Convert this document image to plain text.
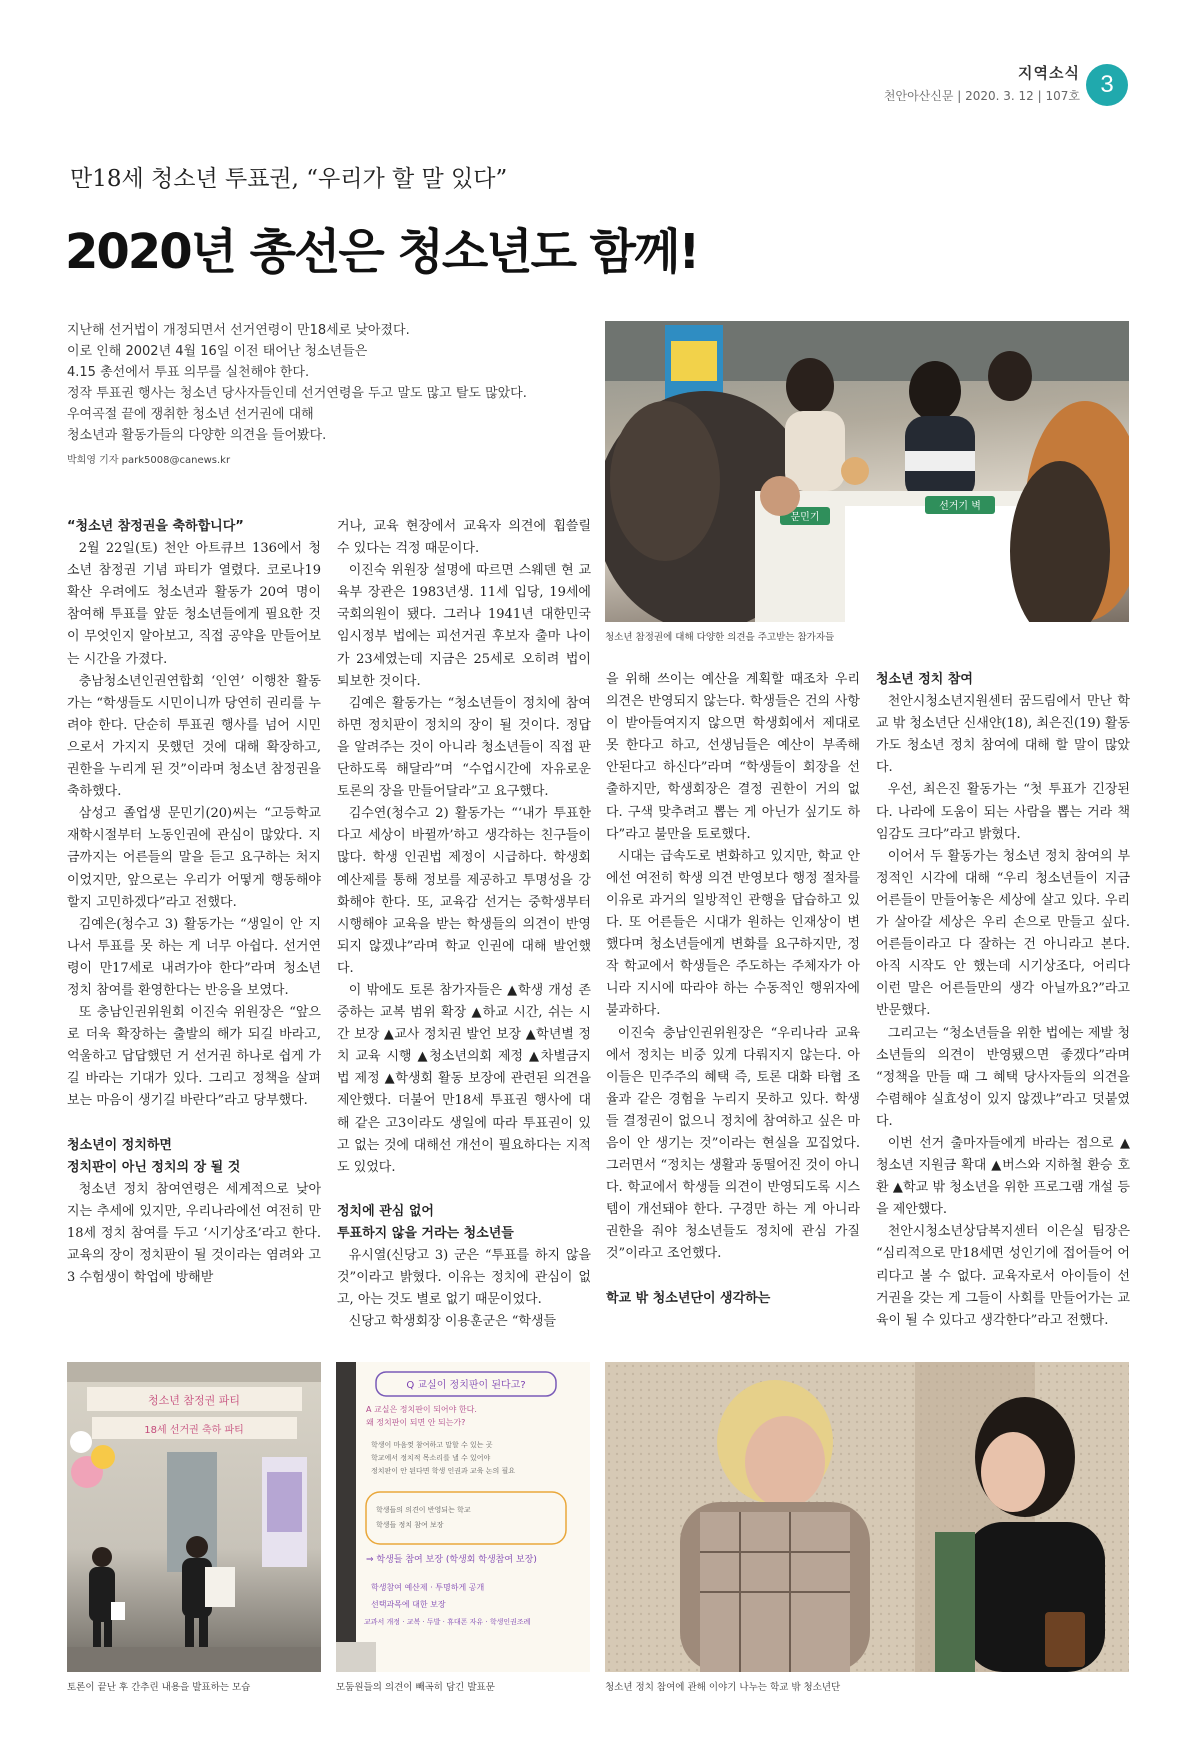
지역소식
천안아산신문 | 2020. 3. 12 | 107호 3
만18세 청소년 투표권, “우리가 할 말 있다”
2020년 총선은 청소년도 함께!

지난해 선거법이 개정되면서 선거연령이 만18세로 낮아졌다.

이로 인해 2002년 4월 16일 이전 태어난 청소년들은

4.15 총선에서 투표 의무를 실천해야 한다.

정작 투표권 행사는 청소년 당사자들인데 선거연령을 두고 말도 많고 탈도 많았다.

우여곡절 끝에 쟁취한 청소년 선거권에 대해

청소년과 활동가들의 다양한 의견을 들어봤다.

박희영 기자 park5008@canews.kr
문민기
선거기 벽
청소년 참정권에 대해 다양한 의견을 주고받는 참가자들

“청소년 참정권을 축하합니다”

2월 22일(토) 천안 아트큐브 136에서 청소년 참정권 기념 파티가 열렸다. 코로나19 확산 우려에도 청소년과 활동가 20여 명이 참여해 투표를 앞둔 청소년들에게 필요한 것이 무엇인지 알아보고, 직접 공약을 만들어보는 시간을 가졌다.

충남청소년인권연합회 ‘인연’ 이행찬 활동가는 “학생들도 시민이니까 당연히 권리를 누려야 한다. 단순히 투표권 행사를 넘어 시민으로서 가지지 못했던 것에 대해 확장하고, 권한을 누리게 된 것”이라며 청소년 참정권을 축하했다.

삼성고 졸업생 문민기(20)씨는 “고등학교 재학시절부터 노동인권에 관심이 많았다. 지금까지는 어른들의 말을 듣고 요구하는 처지이었지만, 앞으로는 우리가 어떻게 행동해야 할지 고민하겠다”라고 전했다.

김예은(청수고 3) 활동가는 “생일이 안 지나서 투표를 못 하는 게 너무 아쉽다. 선거연령이 만17세로 내려가야 한다”라며 청소년 정치 참여를 환영한다는 반응을 보였다.

또 충남인권위원회 이진숙 위원장은 “앞으로 더욱 확장하는 출발의 해가 되길 바라고, 억울하고 답답했던 거 선거권 하나로 쉽게 가길 바라는 기대가 있다. 그리고 정책을 살펴보는 마음이 생기길 바란다”라고 당부했다.

청소년이 정치하면

정치판이 아닌 정치의 장 될 것

청소년 정치 참여연령은 세계적으로 낮아지는 추세에 있지만, 우리나라에선 여전히 만18세 정치 참여를 두고 ‘시기상조’라고 한다. 교육의 장이 정치판이 될 것이라는 염려와 고3 수험생이 학업에 방해받

거나, 교육 현장에서 교육자 의견에 휩쓸릴 수 있다는 걱정 때문이다.

이진숙 위원장 설명에 따르면 스웨덴 현 교육부 장관은 1983년생. 11세 입당, 19세에 국회의원이 됐다. 그러나 1941년 대한민국 임시정부 법에는 피선거권 후보자 출마 나이가 23세였는데 지금은 25세로 오히려 법이 퇴보한 것이다.

김예은 활동가는 “청소년들이 정치에 참여하면 정치판이 정치의 장이 될 것이다. 정답을 알려주는 것이 아니라 청소년들이 직접 판단하도록 해달라”며 “수업시간에 자유로운 토론의 장을 만들어달라”고 요구했다.

김수연(청수고 2) 활동가는 “‘내가 투표한다고 세상이 바뀔까’하고 생각하는 친구들이 많다. 학생 인권법 제정이 시급하다. 학생회 예산제를 통해 정보를 제공하고 투명성을 강화해야 한다. 또, 교육감 선거는 중학생부터 시행해야 교육을 받는 학생들의 의견이 반영되지 않겠냐”라며 학교 인권에 대해 발언했다.

이 밖에도 토론 참가자들은 ▲학생 개성 존중하는 교복 범위 확장 ▲하교 시간, 쉬는 시간 보장 ▲교사 정치권 발언 보장 ▲학년별 정치 교육 시행 ▲청소년의회 제정 ▲차별금지법 제정 ▲학생회 활동 보장에 관련된 의견을 제안했다. 더불어 만18세 투표권 행사에 대해 같은 고3이라도 생일에 따라 투표권이 있고 없는 것에 대해선 개선이 필요하다는 지적도 있었다.

정치에 관심 없어

투표하지 않을 거라는 청소년들

유시열(신당고 3) 군은 “투표를 하지 않을 것”이라고 밝혔다. 이유는 정치에 관심이 없고, 아는 것도 별로 없기 때문이었다.

신당고 학생회장 이용훈군은 “학생들

을 위해 쓰이는 예산을 계획할 때조차 우리 의견은 반영되지 않는다. 학생들은 건의 사항이 받아들여지지 않으면 학생회에서 제대로 못 한다고 하고, 선생님들은 예산이 부족해 안된다고 하신다”라며 “학생들이 회장을 선출하지만, 학생회장은 결정 권한이 거의 없다. 구색 맞추려고 뽑는 게 아닌가 싶기도 하다”라고 불만을 토로했다.

시대는 급속도로 변화하고 있지만, 학교 안에선 여전히 학생 의견 반영보다 행정 절차를 이유로 과거의 일방적인 관행을 답습하고 있다. 또 어른들은 시대가 원하는 인재상이 변했다며 청소년들에게 변화를 요구하지만, 정작 학교에서 학생들은 주도하는 주체자가 아니라 지시에 따라야 하는 수동적인 행위자에 불과하다.

이진숙 충남인권위원장은 “우리나라 교육에서 정치는 비중 있게 다뤄지지 않는다. 아이들은 민주주의 혜택 즉, 토론 대화 타협 조율과 같은 경험을 누리지 못하고 있다. 학생들 결정권이 없으니 정치에 참여하고 싶은 마음이 안 생기는 것”이라는 현실을 꼬집었다. 그러면서 “정치는 생활과 동떨어진 것이 아니다. 학교에서 학생들 의견이 반영되도록 시스템이 개선돼야 한다. 구경만 하는 게 아니라 권한을 줘야 청소년들도 정치에 관심 가질 것”이라고 조언했다.

학교 밖 청소년단이 생각하는

청소년 정치 참여

천안시청소년지원센터 꿈드림에서 만난 학교 밖 청소년단 신새얀(18), 최은진(19) 활동가도 청소년 정치 참여에 대해 할 말이 많았다.

우선, 최은진 활동가는 “첫 투표가 긴장된다. 나라에 도움이 되는 사람을 뽑는 거라 책임감도 크다”라고 밝혔다.

이어서 두 활동가는 청소년 정치 참여의 부정적인 시각에 대해 “우리 청소년들이 지금 어른들이 만들어놓은 세상에 살고 있다. 우리가 살아갈 세상은 우리 손으로 만들고 싶다. 어른들이라고 다 잘하는 건 아니라고 본다. 아직 시작도 안 했는데 시기상조다, 어리다 이런 말은 어른들만의 생각 아닐까요?”라고 반문했다.

그리고는 “청소년들을 위한 법에는 제발 청소년들의 의견이 반영됐으면 좋겠다”라며 “정책을 만들 때 그 혜택 당사자들의 의견을 수렴해야 실효성이 있지 않겠냐”라고 덧붙였다.

이번 선거 출마자들에게 바라는 점으로 ▲청소년 지원금 확대 ▲버스와 지하철 환승 호환 ▲학교 밖 청소년을 위한 프로그램 개설 등을 제안했다.

천안시청소년상담복지센터 이은실 팀장은 “심리적으로 만18세면 성인기에 접어들어 어리다고 볼 수 없다. 교육자로서 아이들이 선거권을 갖는 게 그들이 사회를 만들어가는 교육이 될 수 있다고 생각한다”라고 전했다.

청소년 참정권 파티
18세 선거권 축하 파티
토론이 끝난 후 간추린 내용을 발표하는 모습
Q 교실이 정치판이 된다고?
A 교실은 정치판이 되어야 한다.
왜 정치판이 되면 안 되는가?
학생이 마음껏 참여하고 말할 수 있는 곳
학교에서 정치적 목소리를 낼 수 있어야
정치판이 안 된다면 학생 인권과 교육 논의 필요
학생들의 의견이 반영되는 학교
학생들 정치 참여 보장
⇒ 학생들 참여 보장 (학생회 학생참여 보장)
학생참여 예산제 · 투명하게 공개
선택과목에 대한 보장
교과서 개정 · 교복 · 두발 · 휴대폰 자유 · 학생인권조례
모둠원들의 의견이 빼곡히 담긴 발표문	청소년 정치 참여에 관해 이야기 나누는 학교 밖 청소년단
